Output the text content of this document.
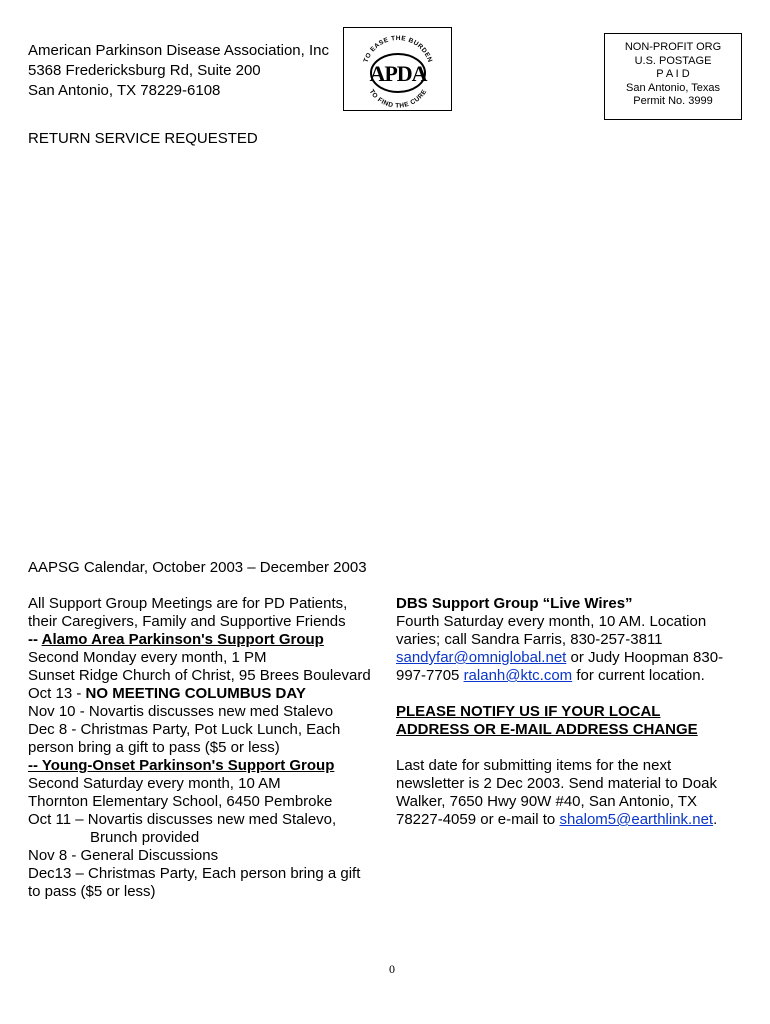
American Parkinson Disease Association, Inc
5368 Fredericksburg Rd, Suite 200
San Antonio, TX 78229-6108
TO EASE THE BURDEN
APDA
TO FIND THE CURE
NON-PROFIT ORG
U.S. POSTAGE
P A I D
San Antonio, Texas
Permit No. 3999
RETURN SERVICE REQUESTED
AAPSG Calendar, October 2003 – December 2003
All Support Group Meetings are for PD Patients,
their Caregivers, Family and Supportive Friends
-- Alamo Area Parkinson's Support Group
Second Monday every month, 1 PM
Sunset Ridge Church of Christ, 95 Brees Boulevard
Oct 13 - NO MEETING COLUMBUS DAY
Nov 10 - Novartis discusses new med Stalevo
Dec 8 - Christmas Party, Pot Luck Lunch, Each
person bring a gift to pass ($5 or less)
-- Young-Onset Parkinson's Support Group
Second Saturday every month, 10 AM
Thornton Elementary School, 6450 Pembroke
Oct 11 – Novartis discusses new med Stalevo,
Brunch provided
Nov 8 - General Discussions
Dec13 – Christmas Party, Each person bring a gift
to pass ($5 or less)
DBS Support Group “Live Wires”
Fourth Saturday every month, 10 AM. Location
varies; call Sandra Farris, 830-257-3811
sandyfar@omniglobal.net or Judy Hoopman 830-
997-7705 ralanh@ktc.com for current location.
PLEASE NOTIFY US IF YOUR LOCAL
ADDRESS OR E-MAIL ADDRESS CHANGE
Last date for submitting items for the next
newsletter is 2 Dec 2003. Send material to Doak
Walker, 7650 Hwy 90W #40, San Antonio, TX
78227-4059 or e-mail to shalom5@earthlink.net.
0
